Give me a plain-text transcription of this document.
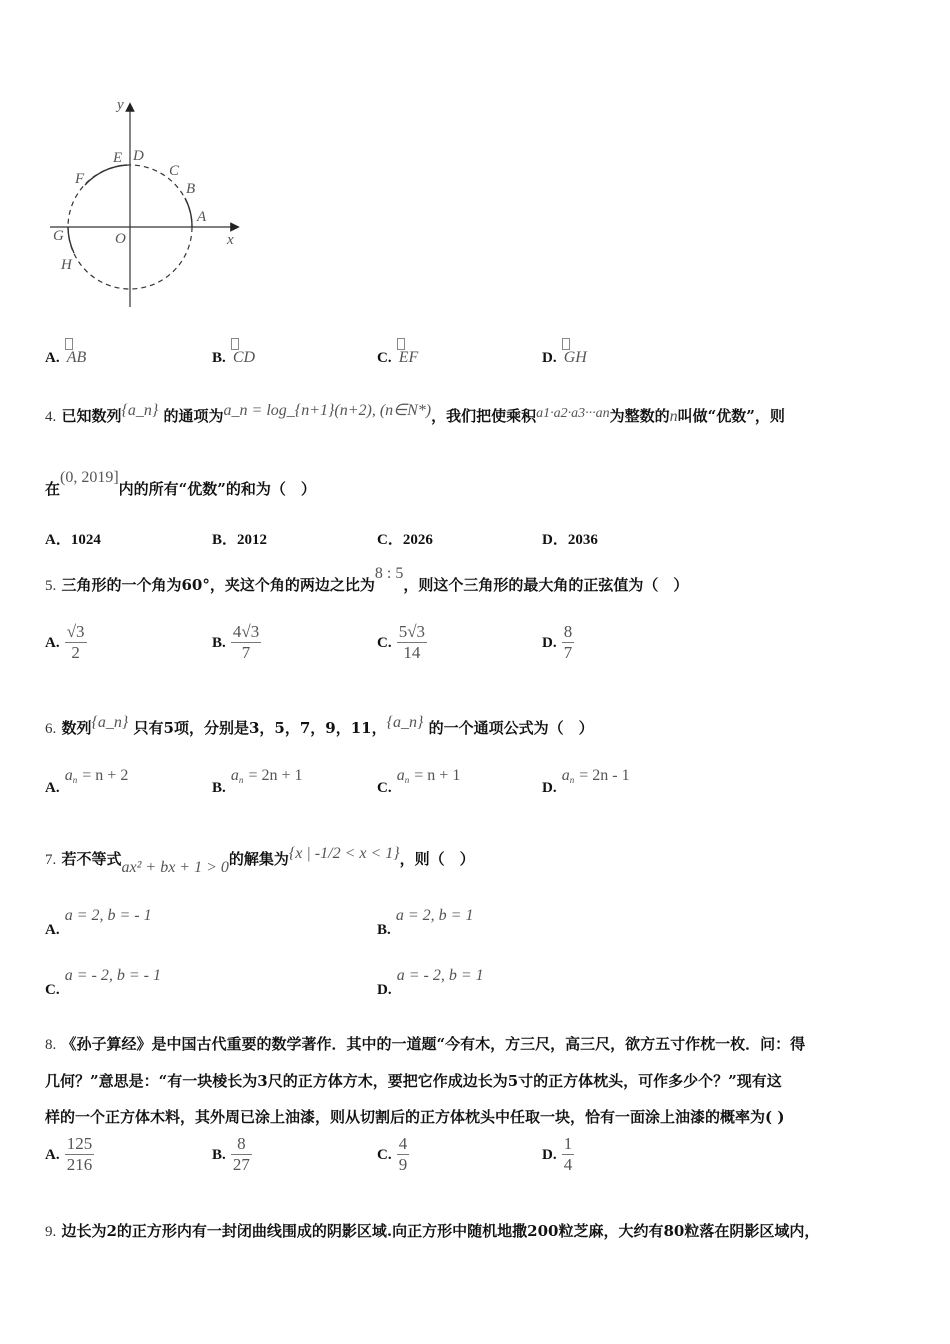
y
x
O
A
B
C
D
E
F
G
H
A. AB	B. CD	C. EF	D. GH
4. 已知数列{a_n} 的通项为a_n = log_{n+1}(n+2), (n∈N*)，我们把使乘积a1·a2·a3···an为整数的n叫做“优数”，则
在(0, 2019]内的所有“优数”的和为（　）
A．1024	B．2012	C．2026	D．2036
5. 三角形的一个角为60°，夹这个角的两边之比为8 : 5，则这个三角形的最大角的正弦值为（　）
A. $\frac{√3}{2}$	B. $\frac{4√3}{7}$	C. $\frac{5√3}{14}$	D. $\frac{8}{7}$
6. 数列{a_n} 只有5项，分别是3，5，7，9，11，{a_n} 的一个通项公式为（　）
A. $a_n = n + 2$
B. $a_n = 2n + 1$
C. $a_n = n + 1$
D. $a_n = 2n - 1$
7. 若不等式ax² + bx + 1 > 0的解集为{x | -1/2 < x < 1}，则（　）
A. a = 2, b = - 1
B. a = 2, b = 1
C. a = - 2, b = - 1
D. a = - 2, b = 1
8. 《孙子算经》是中国古代重要的数学著作．其中的一道题“今有木，方三尺，高三尺，欲方五寸作枕一枚．问：得
几何？”意思是：“有一块棱长为3尺的正方体方木，要把它作成边长为5寸的正方体枕头，可作多少个？”现有这
样的一个正方体木料，其外周已涂上油漆，则从切割后的正方体枕头中任取一块，恰有一面涂上油漆的概率为( )
A. $\frac{125}{216}$	B. $\frac{8}{27}$	C. $\frac{4}{9}$	D. $\frac{1}{4}$
9. 边长为2的正方形内有一封闭曲线围成的阴影区域.向正方形中随机地撒200粒芝麻，大约有80粒落在阴影区域内，
